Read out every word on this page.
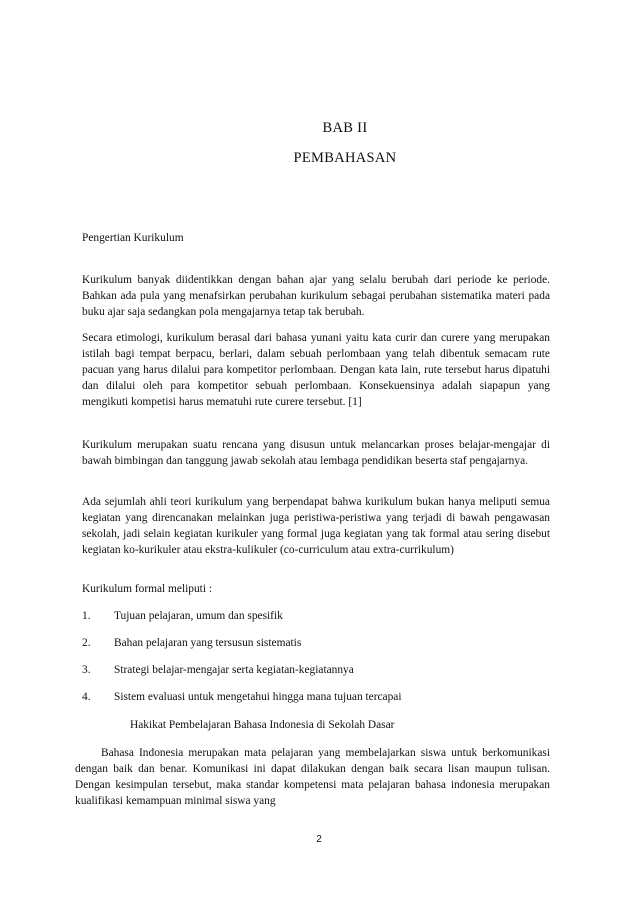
BAB II
PEMBAHASAN
Pengertian Kurikulum

Kurikulum banyak diidentikkan dengan bahan ajar yang selalu berubah dari periode ke periode. Bahkan ada pula yang menafsirkan perubahan kurikulum sebagai perubahan sistematika materi pada buku ajar saja sedangkan pola mengajarnya tetap tak berubah.

Secara etimologi, kurikulum berasal dari bahasa yunani yaitu kata curir dan curere yang merupakan istilah bagi tempat berpacu, berlari, dalam sebuah perlombaan yang telah dibentuk semacam rute pacuan yang harus dilalui para kompetitor perlombaan. Dengan kata lain, rute tersebut harus dipatuhi dan dilalui oleh para kompetitor sebuah perlombaan. Konsekuensinya adalah siapapun yang mengikuti kompetisi harus mematuhi rute curere tersebut. [1]

Kurikulum merupakan suatu rencana yang disusun untuk melancarkan proses belajar-mengajar di bawah bimbingan dan tanggung jawab sekolah atau lembaga pendidikan beserta staf pengajarnya.

Ada sejumlah ahli teori kurikulum yang berpendapat bahwa kurikulum bukan hanya meliputi semua kegiatan yang direncanakan melainkan juga peristiwa-peristiwa yang terjadi di bawah pengawasan sekolah, jadi selain kegiatan kurikuler yang formal juga kegiatan yang tak formal atau sering disebut kegiatan ko-kurikuler atau ekstra-kulikuler (co-curriculum atau extra-currikulum)

Kurikulum formal meliputi :
1. Tujuan pelajaran, umum dan spesifik
2. Bahan pelajaran yang tersusun sistematis
3. Strategi belajar-mengajar serta kegiatan-kegiatannya
4. Sistem evaluasi untuk mengetahui hingga mana tujuan tercapai
Hakikat Pembelajaran Bahasa Indonesia di Sekolah Dasar

Bahasa Indonesia merupakan mata pelajaran yang membelajarkan siswa untuk berkomunikasi dengan baik dan benar. Komunikasi ini dapat dilakukan dengan baik secara lisan maupun tulisan. Dengan kesimpulan tersebut, maka standar kompetensi mata pelajaran bahasa indonesia merupakan kualifikasi kemampuan minimal siswa yang

2
